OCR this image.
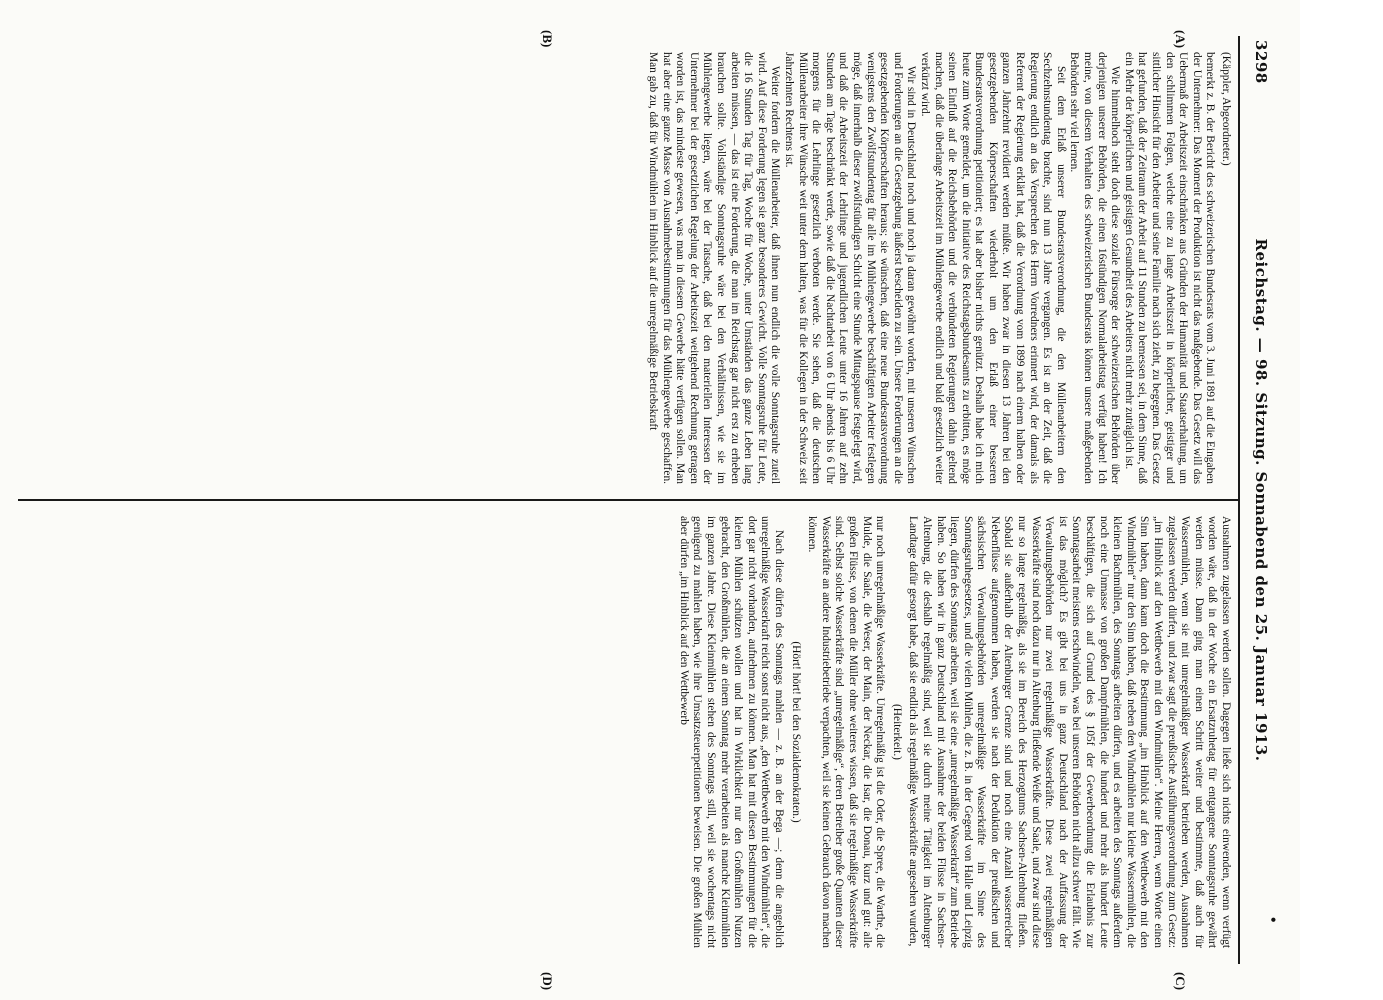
3298
Reichstag. — 98. Sitzung. Sonnabend den 25. Januar 1913.
•
(A)
(B)
(C)
(D)
(Käppler, Abgeordneter.)

bemerkt z. B. der Bericht des schweizerischen Bundesrats vom 3. Juni 1891 auf die Eingaben der Unternehmer: Das Moment der Produktion ist nicht das maßgebende. Das Gesetz will das Uebermaß der Arbeitszeit einschränken aus Gründen der Humanität und Staatserhaltung, um den schlimmen Folgen, welche eine zu lange Arbeitszeit in körperlicher, geistiger und sittlicher Hinsicht für den Arbeiter und seine Familie nach sich zieht, zu begegnen. Das Gesetz hat gefunden, daß der Zeitraum der Arbeit auf 11 Stunden zu bemessen sei, in dem Sinne, daß ein Mehr der körperlichen und geistigen Gesundheit des Arbeiters nicht mehr zuträglich ist.

Wie himmelhoch steht doch diese soziale Fürsorge der schweizerischen Behörden über derjenigen unserer Behörden, die einen 16stündigen Normalarbeitstag verfügt haben! Ich meine, von diesem Verhalten des schweizerischen Bundesrats können unsere maßgebenden Behörden sehr viel lernen.

Seit dem Erlaß unserer Bundesratsverordnung, die den Müllenarbeitern den Sechzehnstundentag brachte, sind nun 13 Jahre vergangen. Es ist an der Zeit, daß die Regierung endlich an das Versprechen des Herrn Vorredners erinnert wird, der damals als Referent der Regierung erklärt hat, daß die Verordnung vom 1899 nach einem halben oder ganzen Jahrzehnt revidiert werden müßte. Wir haben zwar in diesen 13 Jahren bei den gesetzgebenden Körperschaften wiederholt um den Erlaß einer besseren Bundesratsverordnung petitioniert; es hat aber bisher nichts genützt. Deshalb habe ich mich heute zum Worte gemeldet, um die Initiative des Reichstagsbundesamts zu erbitten, es möge seinen Einfluß auf die Reichsbehörden und die verbündeten Regierungen dahin geltend machen, daß die überlange Arbeitszeit im Mühlengewerbe endlich und bald gesetzlich weiter verkürzt wird.

Wir sind in Deutschland noch und noch ja daran gewöhnt worden, mit unseren Wünschen und Forderungen an die Gesetzgebung äußerst bescheiden zu sein. Unsere Forderungen an die gesetzgebenden Körperschaften heraus; sie wünschen, daß eine neue Bundesratsverordnung wenigstens den Zwölfstundentag für alle im Mühlengewerbe beschäftigten Arbeiter festlegen möge, daß innerhalb dieser zwölfstündigen Schicht eine Stunde Mittagspause festgelegt wird, und daß die Arbeitszeit der Lehrlinge und jugendlichen Leute unter 16 Jahren auf zehn Stunden am Tage beschränkt werde, sowie daß die Nachtarbeit von 6 Uhr abends bis 6 Uhr morgens für die Lehrlinge gesetzlich verboten werde. Sie sehen, daß die deutschen Müllenarbeiter ihre Wünsche weit unter dem halten, was für die Kollegen in der Schweiz seit Jahrzehnten Rechtens ist.

Weiter fordern die Müllenarbeiter, daß ihnen nun endlich die volle Sonntagsruhe zuteil wird. Auf diese Forderung legen sie ganz besonderes Gewicht. Volle Sonntagsruhe für Leute, die 16 Stunden Tag für Tag, Woche für Woche, unter Umständen das ganze Leben lang arbeiten müssen, — das ist eine Forderung, die man im Reichstag gar nicht erst zu erheben brauchen sollte. Vollständige Sonntagsruhe wäre bei den Verhältnissen, wie sie im Mühlengewerbe liegen, wäre bei der Tatsache, daß bei den materiellen Interessen der Unternehmer bei der gesetzlichen Regelung der Arbeitszeit weitgehend Rechnung getragen worden ist, das mindeste gewesen, was man in diesem Gewerbe hätte verfügen sollen. Man hat aber eine ganze Masse von Ausnahmebestimmungen für das Mühlengewerbe geschaffen. Man gab zu, daß für Windmühlen im Hinblick auf die unregelmäßige Betriebskraft

Ausnahmen zugelassen werden sollen. Dagegen ließe sich nichts einwenden, wenn verfügt worden wäre, daß in der Woche ein Ersatzruhetag für entgangene Sonntagsruhe gewährt werden müsse. Dann ging man einen Schritt weiter und bestimmte, daß auch für Wassermühlen, wenn sie mit unregelmäßiger Wasserkraft betrieben werden, Ausnahmen zugelassen werden dürfen, und zwar sagt die preußische Ausführungsverordnung zum Gesetz: „im Hinblick auf den Wettbewerb mit den Windmühlen“. Meine Herren, wenn Worte einen Sinn haben, dann kann doch die Bestimmung „im Hinblick auf den Wettbewerb mit den Windmühlen“ nur den Sinn haben, daß neben den Windmühlen nur kleine Wassermühlen, die kleinen Bachmühlen, des Sonntags arbeiten dürfen, und es arbeiten des Sonntags außerdem noch eine Unmasse von großen Dampfmühlen, die hundert und mehr als hundert Leute beschäftigen, die sich auf Grund des § 105f der Gewerbeordnung die Erlaubnis zur Sonntagsarbeit meistens erschwindeln, was bei unseren Behörden nicht allzu schwer fällt. Wie ist das möglich? Es gibt bei uns in ganz Deutschland nach der Auffassung der Verwaltungsbehörden nur zwei regelmäßige Wasserkräfte. Diese zwei regelmäßigen Wasserkräfte sind noch dazu nur in Altenburg fließende Weiße und Saale, und zwar sind diese nur so lange regelmäßig, als sie im Bereich des Herzogtums Sachsen-Altenburg fließen. Sobald sie außerhalb der Altenburger Grenze sind und noch eine Anzahl wasserreicher Nebenflüsse aufgenommen haben, werden sie nach der Deduktion der preußischen und sächsischen Verwaltungsbehörden unregelmäßige Wasserkräfte im Sinne des Sonntagsruhegesetzes, und die vielen Mühlen, die z. B. in der Gegend von Halle und Leipzig liegen, dürfen des Sonntags arbeiten, weil sie eine „unregelmäßige Wasserkraft“ zum Betriebe haben. So haben wir in ganz Deutschland mit Ausnahme der beiden Flüsse in Sachsen-Altenburg, die deshalb regelmäßig sind, weil sie durch meine Tätigkeit im Altenburger Landtage dafür gesorgt habe, daß sie endlich als regelmäßige Wasserkräfte angesehen wurden,

(Heiterkeit.)

nur noch unregelmäßige Wasserkräfte. Unregelmäßig ist die Oder, die Spree, die Warthe, die Mulde, die Saale, die Weser, der Main, der Neckar, die Isar, die Donau, kurz und gut: alle großen Flüsse, von denen die Müller ohne weiteres wissen, daß sie regelmäßige Wasserkräfte sind. Selbst solche Wasserkräfte sind „unregelmäßige“, deren Betreiber große Quanten dieser Wasserkräfte an andere Industriebetriebe verpachten, weil sie keinen Gebrauch davon machen können.

(Hört! hört! bei den Sozialdemokraten.)

Nach diese dürfen des Sonntags mahlen — z. B. an der Bega —; denn die angeblich unregelmäßige Wasserkraft reicht sonst nicht aus, „den Wettbewerb mit den Windmühlen“, die dort gar nicht vorhanden, aufnehmen zu können. Man hat mit diesen Bestimmungen für die kleinen Mühlen schützen wollen und hat in Wirklichkeit nur den Großmühlen Nutzen gebracht, den Großmühlen, die an einem Sonntag mehr verarbeiten als manche Kleinmühlen im ganzen Jahre. Diese Kleinmühlen stehen des Sonntags still, weil sie wochentags nicht genügend zu mahlen haben, wie ihre Umsatzsteuerpetitionen beweisen. Die großen Mühlen aber dürfen „im Hinblick auf den Wettbewerb
